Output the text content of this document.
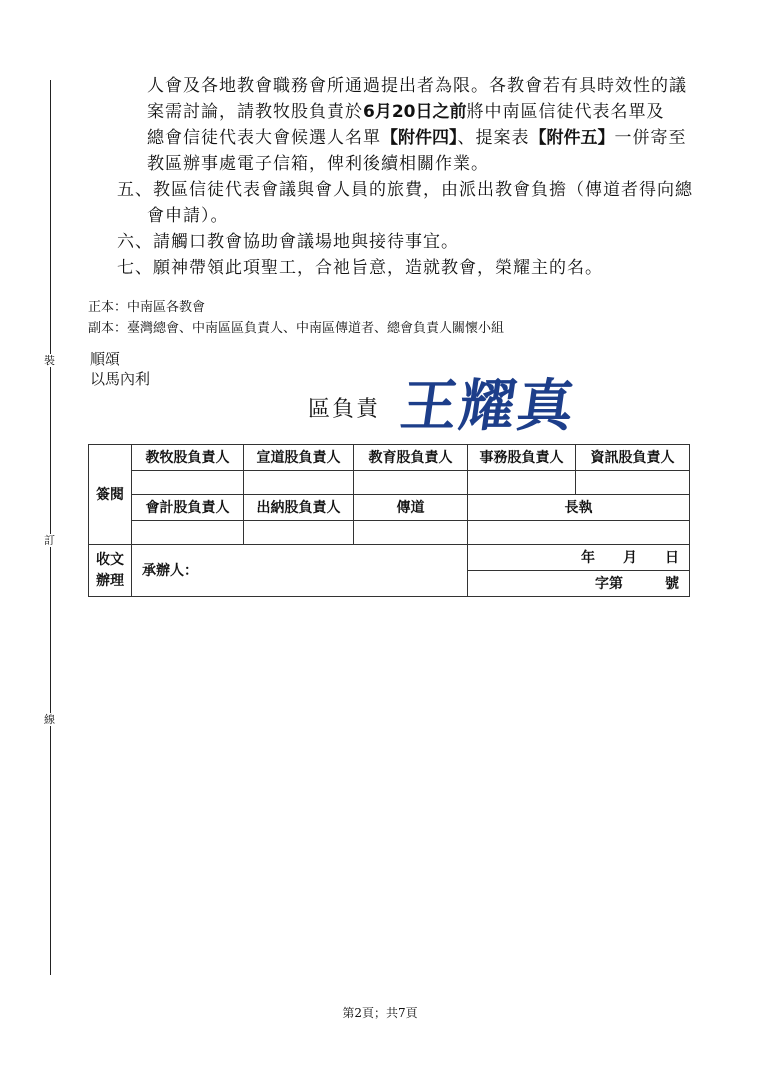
裝
訂
線
人會及各地教會職務會所通過提出者為限。各教會若有具時效性的議
案需討論，請教牧股負責於6月20日之前將中南區信徒代表名單及
總會信徒代表大會候選人名單【附件四】、提案表【附件五】一併寄至
教區辦事處電子信箱，俾利後續相關作業。
五、教區信徒代表會議與會人員的旅費，由派出教會負擔（傳道者得向總
會申請）。
六、請觸口教會協助會議場地與接待事宜。
七、願神帶領此項聖工，合祂旨意，造就教會，榮耀主的名。
正本：中南區各教會
副本：臺灣總會、中南區區負責人、中南區傳道者、總會負責人關懷小組
順頌
以馬內利
區負責 王耀真
簽閱	教牧股負責人	宣道股負責人	教育股負責人	事務股負責人	資訊股負責人

	會計股負責人	出納股負責人	傳道	長執	

收文
辦理	承辦人：			年　　月　　日	
				字第　　　號	
第2頁；共7頁
